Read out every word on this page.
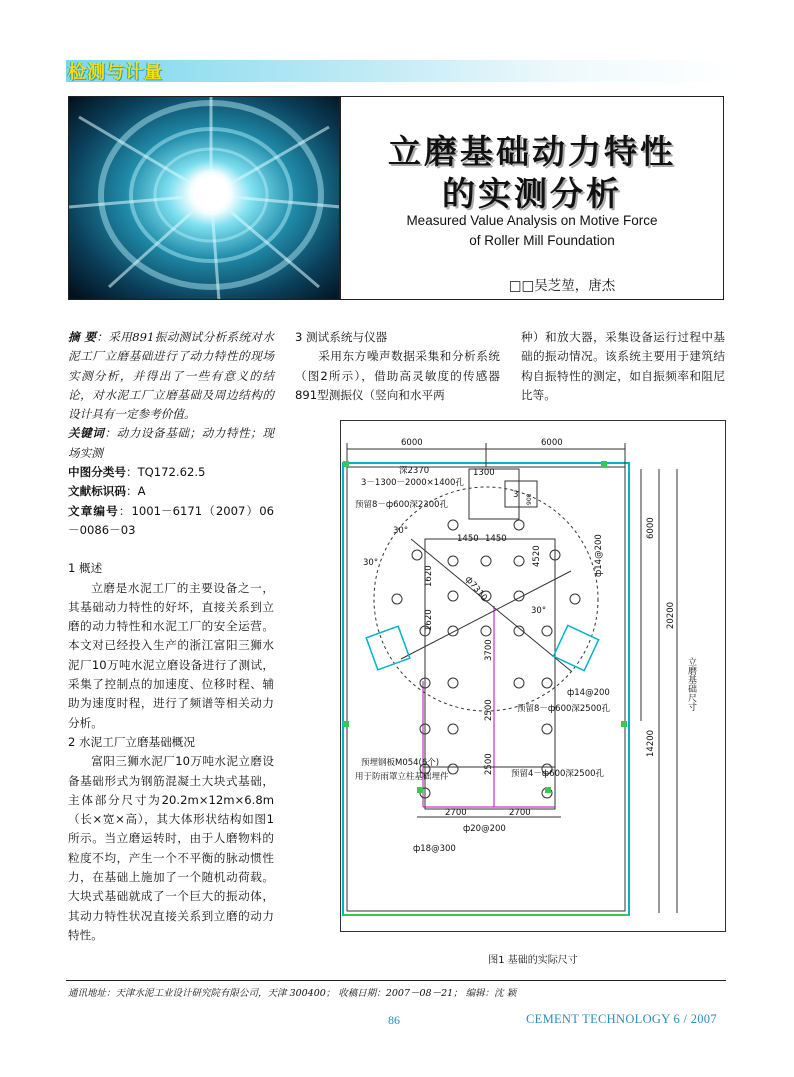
检测与计量
立磨基础动力特性
的实测分析
Measured Value Analysis on Motive Force
of Roller Mill Foundation
□□吴芝堃，唐杰

摘 要：采用891振动测试分析系统对水泥工厂立磨基础进行了动力特性的现场实测分析，并得出了一些有意义的结论，对水泥工厂立磨基础及周边结构的设计具有一定参考价值。

关键词：动力设备基础；动力特性；现场实测

中图分类号：TQ172.62.5

文献标识码：A

文章编号：1001－6171（2007）06－0086－03

1 概述

立磨是水泥工厂的主要设备之一，其基础动力特性的好坏，直接关系到立磨的动力特性和水泥工厂的安全运营。本文对已经投入生产的浙江富阳三狮水泥厂10万吨水泥立磨设备进行了测试，采集了控制点的加速度、位移时程、辅助为速度时程，进行了频谱等相关动力分析。

2 水泥工厂立磨基础概况

富阳三狮水泥厂10万吨水泥立磨设备基础形式为钢筋混凝土大块式基础，主体部分尺寸为20.2m×12m×6.8m（长×宽×高），其大体形状结构如图1所示。当立磨运转时，由于人磨物料的粒度不均，产生一个不平衡的脉动惯性力，在基础上施加了一个随机动荷载。大块式基础就成了一个巨大的振动体，其动力特性状况直接关系到立磨的动力特性。

3 测试系统与仪器

采用东方噪声数据采集和分析系统（图2所示），借助高灵敏度的传感器891型测振仪（竖向和水平两

种）和放大器，采集设备运行过程中基础的振动情况。该系统主要用于建筑结构自振特性的测定，如自振频率和阻尼比等。

6000	6000
深2370	1300
3－1300－2000×1400孔
预留8－ф600深2300孔
3 900
30°
30°
30°
1450 1450
4520	ф14@200
6000
20200
ф7310
1620
1620
3700
2500
2500
14200
ф14@200
预留8－ф600深2500孔
预留4－ф600深2500孔
预埋钢板M054(6个)
用于防雨罩立柱基础埋件
2700	2700
ф20@200
ф18@300
立磨基础尺寸
图1 基础的实际尺寸
通讯地址：天津水泥工业设计研究院有限公司，天津 300400； 收稿日期：2007－08－21； 编辑：沈 颖
86	CEMENT TECHNOLOGY 6 / 2007
